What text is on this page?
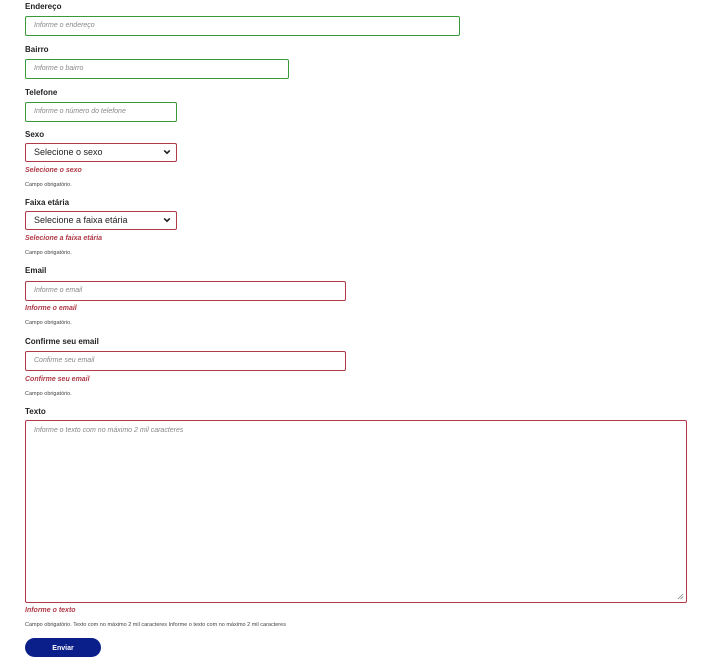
Endereço
Informe o endereço
Bairro
Informe o bairro
Telefone
Informe o número do telefone
Sexo
Selecione o sexo
Selecione o sexo
Campo obrigatório.
Faixa etária
Selecione a faixa etária
Selecione a faixa etária
Campo obrigatório.
Email
Informe o email
Informe o email
Campo obrigatório.
Confirme seu email
Confirme seu email
Confirme seu email
Campo obrigatório.
Texto
Informe o texto com no máximo 2 mil caracteres
Informe o texto
Campo obrigatório. Texto com no máximo 2 mil caracteres Informe o texto com no máximo 2 mil caracteres
Enviar
